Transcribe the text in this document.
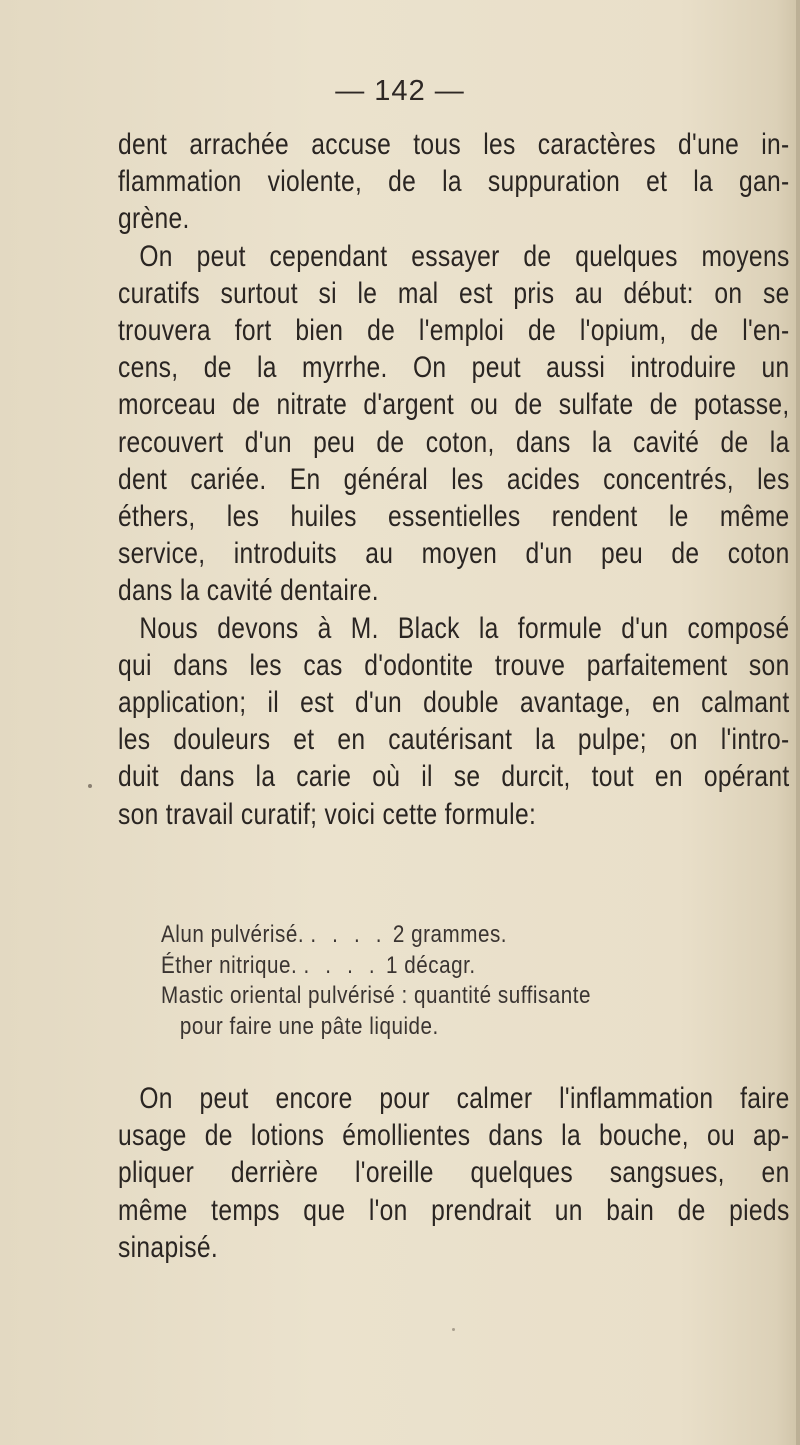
— 142 —
dent arrachée accuse tous les caractères d'une in-
flammation violente, de la suppuration et la gan-
grène.
On peut cependant essayer de quelques moyens
curatifs surtout si le mal est pris au début: on se
trouvera fort bien de l'emploi de l'opium, de l'en-
cens, de la myrrhe. On peut aussi introduire un
morceau de nitrate d'argent ou de sulfate de potasse,
recouvert d'un peu de coton, dans la cavité de la
dent cariée. En général les acides concentrés, les
éthers, les huiles essentielles rendent le même
service, introduits au moyen d'un peu de coton
dans la cavité dentaire.
Nous devons à M. Black la formule d'un composé
qui dans les cas d'odontite trouve parfaitement son
application; il est d'un double avantage, en calmant
les douleurs et en cautérisant la pulpe; on l'intro-
duit dans la carie où il se durcit, tout en opérant
son travail curatif; voici cette formule:
Alun pulvérisé. . . . . 2 grammes.
Éther nitrique. . . . . 1 décagr.
Mastic oriental pulvérisé : quantité suffisante
pour faire une pâte liquide.
On peut encore pour calmer l'inflammation faire
usage de lotions émollientes dans la bouche, ou ap-
pliquer derrière l'oreille quelques sangsues, en
même temps que l'on prendrait un bain de pieds
sinapisé.
